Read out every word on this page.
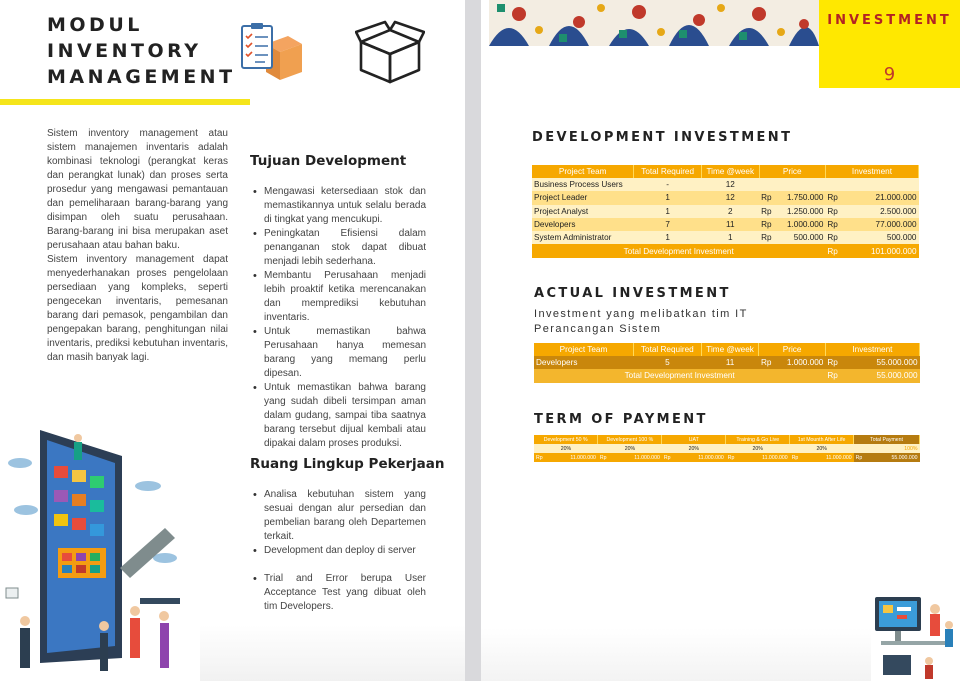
MODUL
INVENTORY
MANAGEMENT

Sistem inventory management atau sistem manajemen inventaris adalah kombinasi teknologi (perangkat keras dan perangkat lunak) dan proses serta prosedur yang mengawasi pemantauan dan pemeliharaan barang-barang yang disimpan oleh suatu perusahaan. Barang-barang ini bisa merupakan aset perusahaan atau bahan baku.

Sistem inventory management dapat menyederhanakan proses pengelolaan persediaan yang kompleks, seperti pengecekan inventaris, pemesanan barang dari pemasok, pengambilan dan pengepakan barang, penghitungan nilai inventaris, prediksi kebutuhan inventaris, dan masih banyak lagi.

Tujuan Development
• Mengawasi ketersediaan stok dan memastikannya untuk selalu berada di tingkat yang mencukupi.
• Peningkatan Efisiensi dalam penanganan stok dapat dibuat menjadi lebih sederhana.
• Membantu Perusahaan menjadi lebih proaktif ketika merencanakan dan memprediksi kebutuhan inventaris.
• Untuk memastikan bahwa Perusahaan hanya memesan barang yang memang perlu dipesan.
• Untuk memastikan bahwa barang yang sudah dibeli tersimpan aman dalam gudang, sampai tiba saatnya barang tersebut dijual kembali atau dipakai dalam proses produksi.
Ruang Lingkup Pekerjaan
• Analisa kebutuhan sistem yang sesuai dengan alur persedian dan pembelian barang oleh Departemen terkait.
• Development dan deploy di server
• Trial and Error berupa User Acceptance Test yang dibuat oleh tim Developers.
INVESTMENT
9
DEVELOPMENT INVESTMENT
ACTUAL INVESTMENT
Investment yang melibatkan tim IT
Perancangan Sistem
TERM OF PAYMENT
Project Team	Total Required	Time @week	Price		Investment	
Business Process Users	-	12				
Project Leader	1	12	Rp	1.750.000	Rp	21.000.000
Project Analyst	1	2	Rp	1.250.000	Rp	2.500.000
Developers	7	11	Rp	1.000.000	Rp	77.000.000
System Administrator	1	1	Rp	500.000	Rp	500.000
Total Development Investment					Rp	101.000.000
Project Team	Total Required	Time @week	Price		Investment	
Developers	5	11	Rp	1.000.000	Rp	55.000.000
Total Development Investment					Rp	55.000.000
Development 50 %		Development 100 %		UAT		Training & Go Live		1st Mounth After Life		Total Payment	
20%		20%		20%		20%		20%		100%	
Rp	11.000.000	Rp	11.000.000	Rp	11.000.000	Rp	11.000.000	Rp	11.000.000	Rp	55.000.000
